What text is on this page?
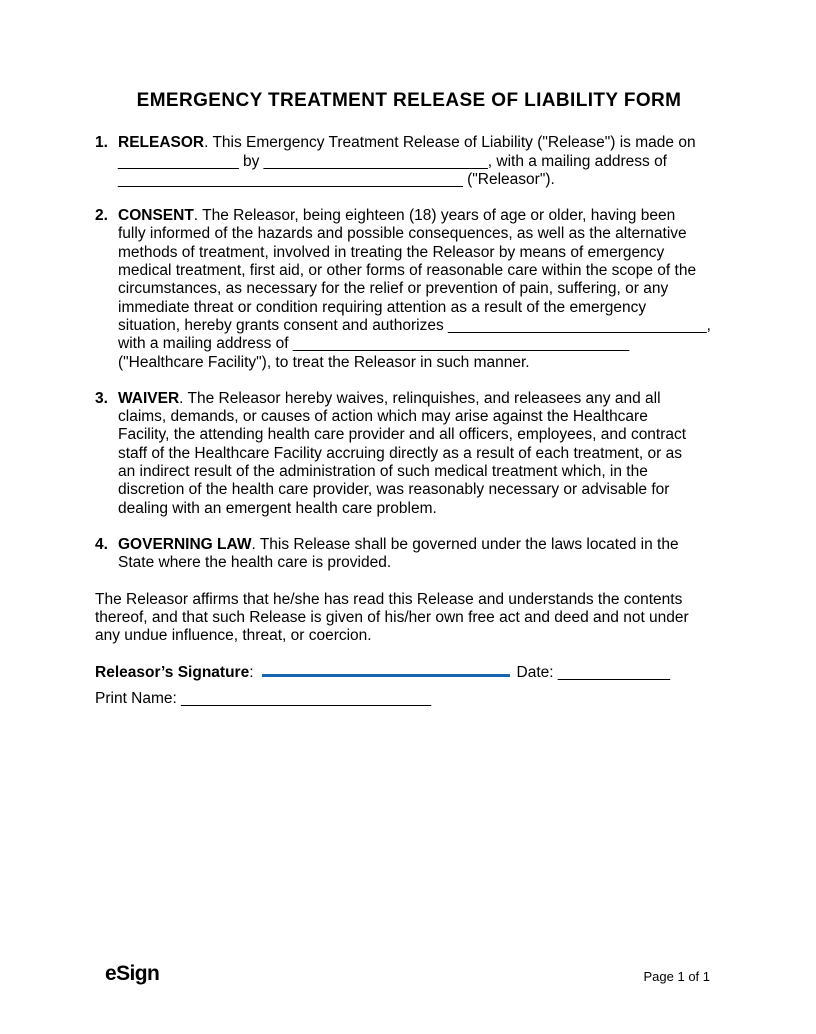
EMERGENCY TREATMENT RELEASE OF LIABILITY FORM
1. RELEASOR. This Emergency Treatment Release of Liability ("Release") is made on
______________ by __________________________, with a mailing address of
________________________________________ ("Releasor").
2. CONSENT. The Releasor, being eighteen (18) years of age or older, having been
fully informed of the hazards and possible consequences, as well as the alternative
methods of treatment, involved in treating the Releasor by means of emergency
medical treatment, first aid, or other forms of reasonable care within the scope of the
circumstances, as necessary for the relief or prevention of pain, suffering, or any
immediate threat or condition requiring attention as a result of the emergency
situation, hereby grants consent and authorizes ______________________________,
with a mailing address of _______________________________________
("Healthcare Facility"), to treat the Releasor in such manner.
3. WAIVER. The Releasor hereby waives, relinquishes, and releasees any and all
claims, demands, or causes of action which may arise against the Healthcare
Facility, the attending health care provider and all officers, employees, and contract
staff of the Healthcare Facility accruing directly as a result of each treatment, or as
an indirect result of the administration of such medical treatment which, in the
discretion of the health care provider, was reasonably necessary or advisable for
dealing with an emergent health care problem.
4. GOVERNING LAW. This Release shall be governed under the laws located in the
State where the health care is provided.
The Releasor affirms that he/she has read this Release and understands the contents
thereof, and that such Release is given of his/her own free act and deed and not under
any undue influence, threat, or coercion.
Releasor’s Signature:	Date: _____________
Print Name: _____________________________
eSign	Page 1 of 1
